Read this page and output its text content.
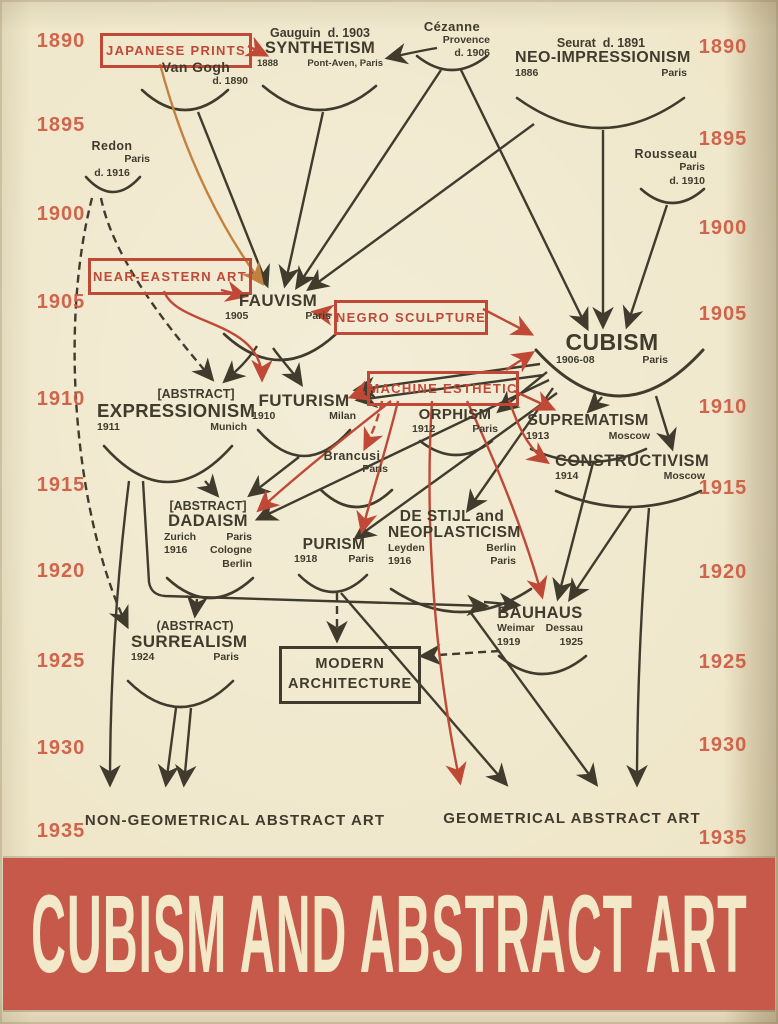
CUBISM AND ABSTRACT ART
1890	1890
1895
1895
1900
1900
1905
1905
1910	1910
1915	1915
1920	1920
1925	1925
1930	1930
1935	1935
JAPANESE PRINTS
NEAR-EASTERN ART
NEGRO SCULPTURE
MACHINE ESTHETIC
MODERN
ARCHITECTURE
Van Gogh
d. 1890
Gauguin  d. 1903
SYNTHETISM
1888	Pont-Aven, Paris
Cézanne
Provence
d. 1906
Seurat  d. 1891
NEO-IMPRESSIONISM
1886	Paris
Redon
Paris
d. 1916
Rousseau
Paris
d. 1910
FAUVISM
1905	Paris
CUBISM
1906-08	Paris
[ABSTRACT]
EXPRESSIONISM
1911	Munich
FUTURISM
1910	Milan	ORPHISM
1912	Paris SUPREMATISM
1913	Moscow
CONSTRUCTIVISM
1914	Moscow
Brancusi
Paris
[ABSTRACT]
DADAISM
Zurich	Paris
1916 Cologne
Berlin
PURISM
1918	Paris
DE STIJL and
NEOPLASTICISM
Leyden	Berlin
1916	Paris
BAUHAUS
Weimar Dessau
1919	1925
(ABSTRACT)
SURREALISM
1924	Paris
NON-GEOMETRICAL ABSTRACT ART	GEOMETRICAL ABSTRACT ART
